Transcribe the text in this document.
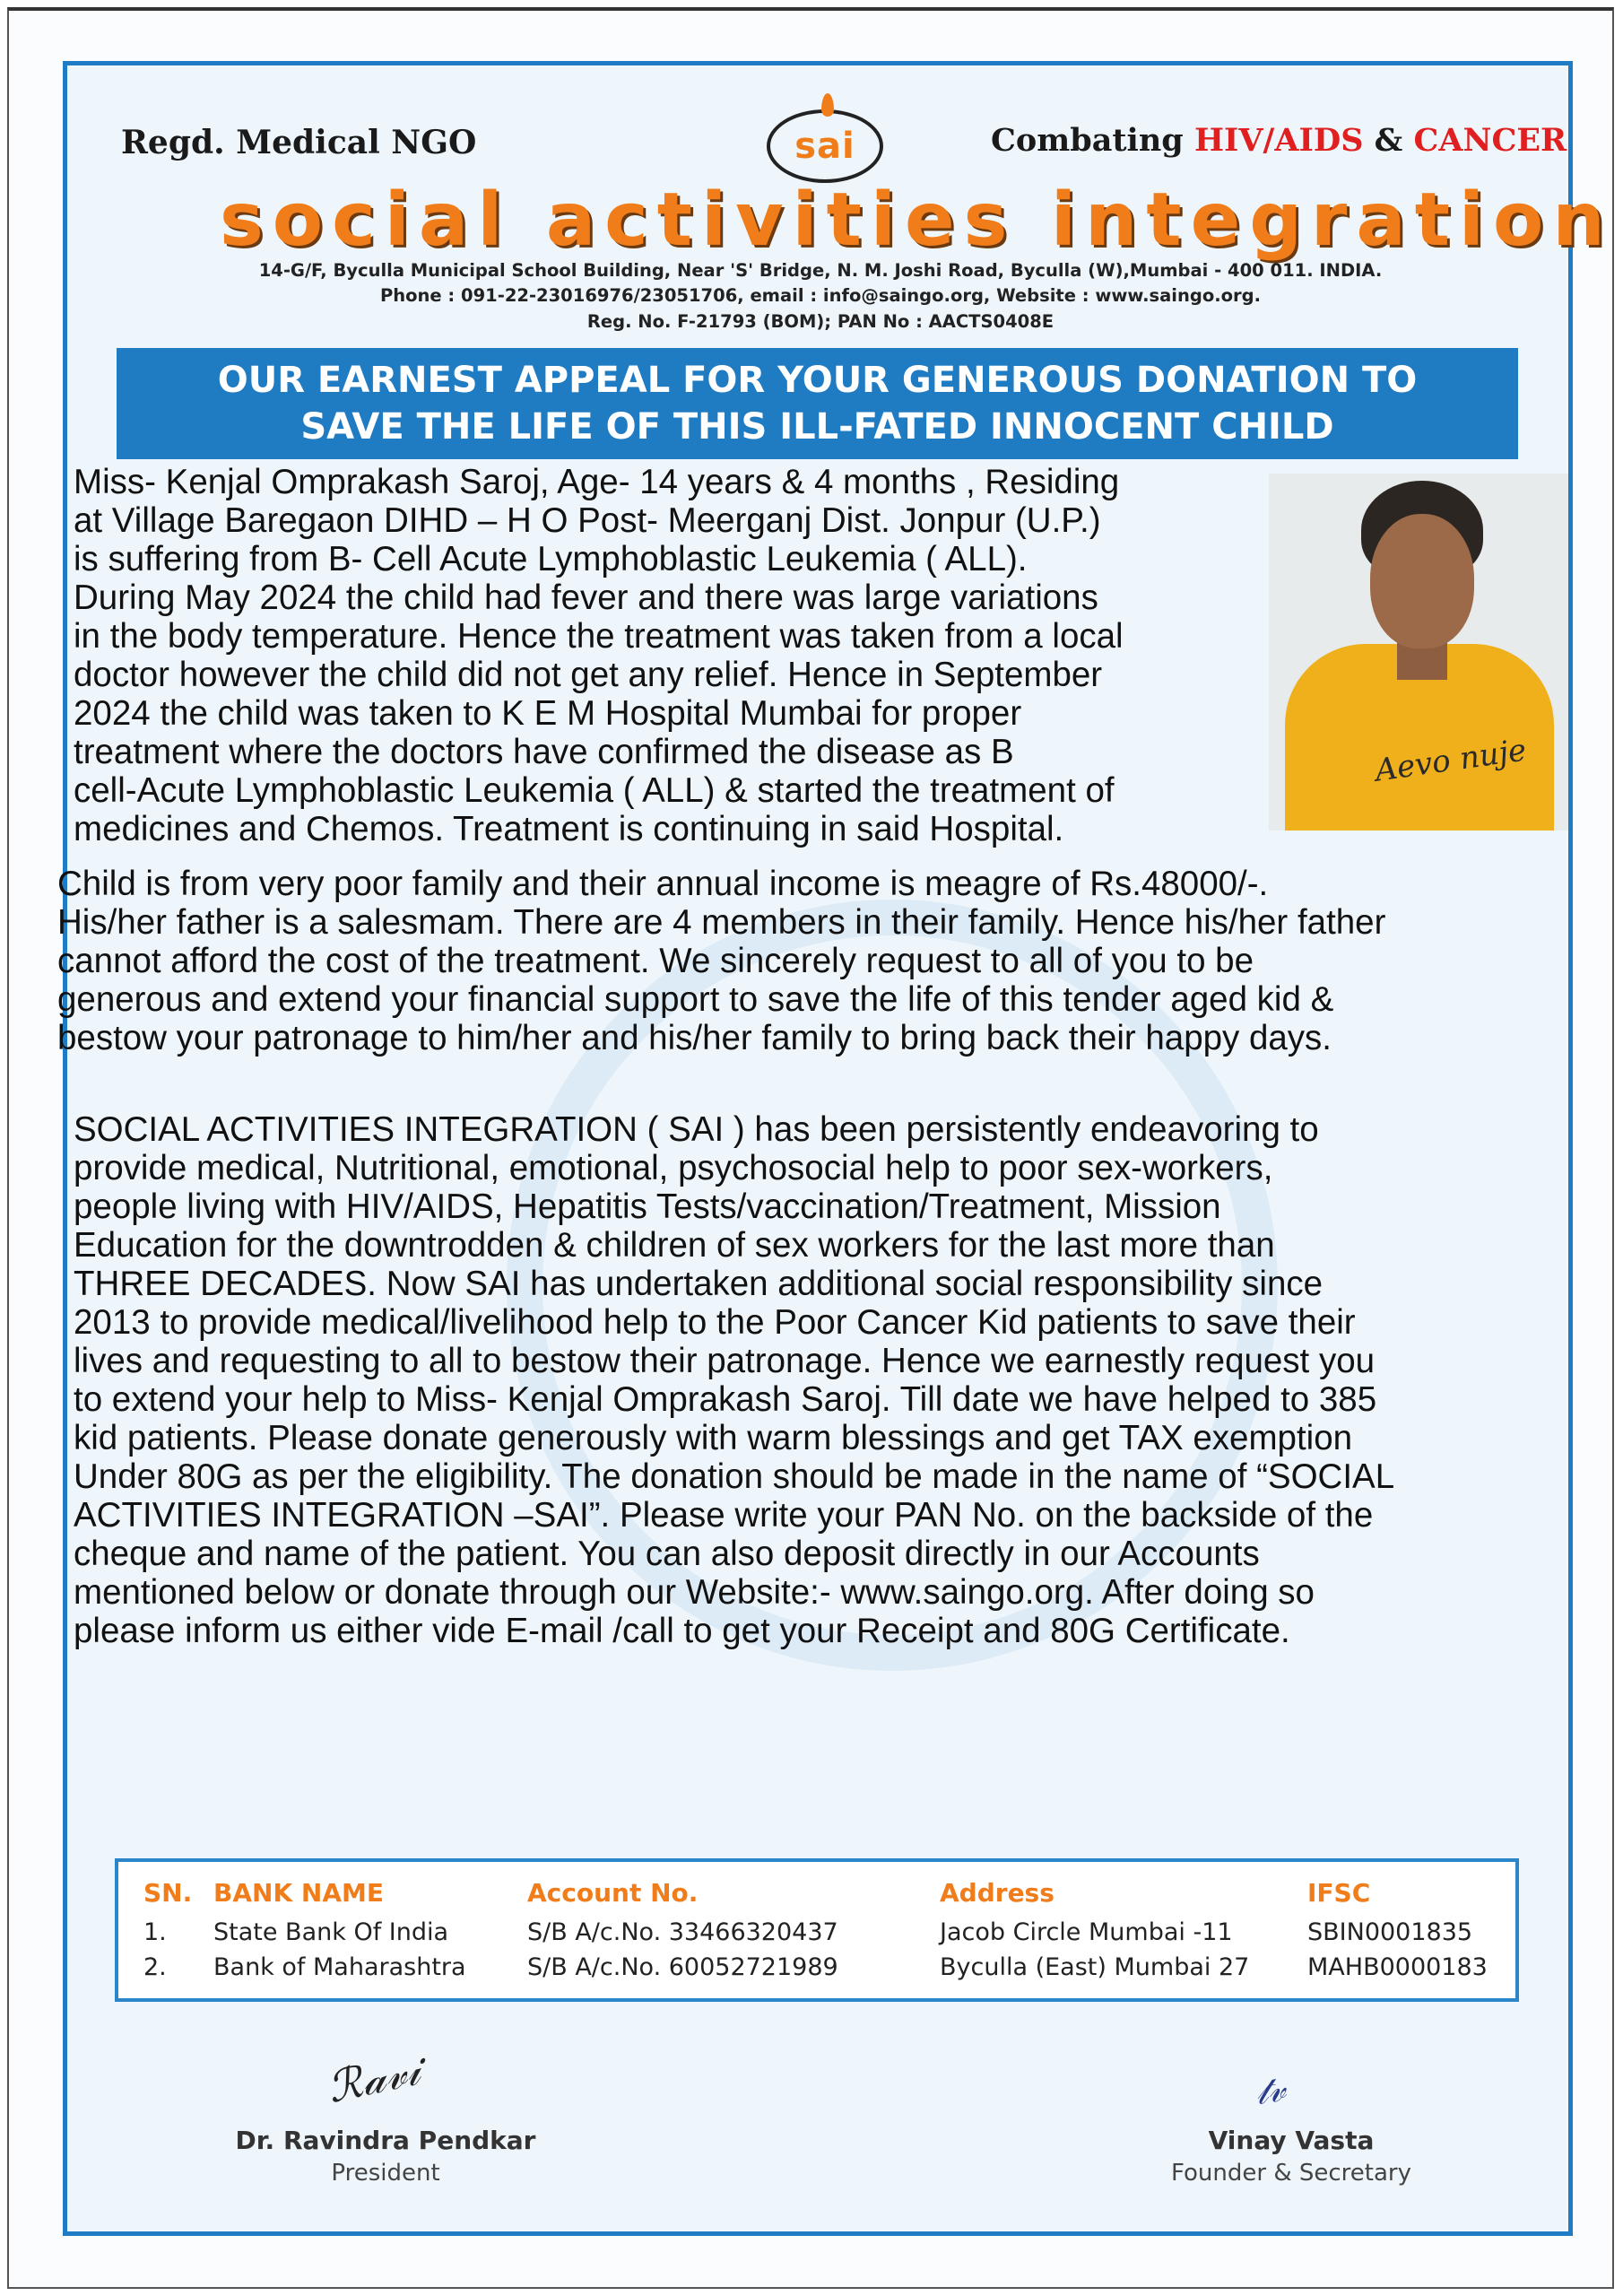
Regd. Medical NGO	sai	Combating HIV/AIDS & CANCER
social activities integration
14-G/F, Byculla Municipal School Building, Near 'S' Bridge, N. M. Joshi Road, Byculla (W),Mumbai - 400 011. INDIA.
Phone : 091-22-23016976/23051706, email : info@saingo.org, Website : www.saingo.org.
Reg. No. F-21793 (BOM); PAN No : AACTS0408E
OUR EARNEST APPEAL FOR YOUR GENEROUS DONATION TO
SAVE THE LIFE OF THIS ILL-FATED INNOCENT CHILD
Miss- Kenjal Omprakash Saroj, Age- 14 years & 4 months , Residing
at Village Baregaon DIHD – H O Post- Meerganj Dist. Jonpur (U.P.)
is suffering from B- Cell Acute Lymphoblastic Leukemia ( ALL).
During May 2024 the child had fever and there was large variations
in the body temperature. Hence the treatment was taken from a local
doctor however the child did not get any relief. Hence in September
2024 the child was taken to K E M Hospital Mumbai for proper
treatment where the doctors have confirmed the disease as B
cell-Acute Lymphoblastic Leukemia ( ALL) & started the treatment of
medicines and Chemos. Treatment is continuing in said Hospital.
Aevo nuje
Child is from very poor family and their annual income is meagre of Rs.48000/-.
His/her father is a salesmam. There are 4 members in their family. Hence his/her father
cannot afford the cost of the treatment. We sincerely request to all of you to be
generous and extend your financial support to save the life of this tender aged kid &
bestow your patronage to him/her and his/her family to bring back their happy days.
SOCIAL ACTIVITIES INTEGRATION ( SAI ) has been persistently endeavoring to
provide medical, Nutritional, emotional, psychosocial help to poor sex-workers,
people living with HIV/AIDS, Hepatitis Tests/vaccination/Treatment, Mission
Education for the downtrodden & children of sex workers for the last more than
THREE DECADES. Now SAI has undertaken additional social responsibility since
2013 to provide medical/livelihood help to the Poor Cancer Kid patients to save their
lives and requesting to all to bestow their patronage. Hence we earnestly request you
to extend your help to Miss- Kenjal Omprakash Saroj. Till date we have helped to 385
kid patients. Please donate generously with warm blessings and get TAX exemption
Under 80G as per the eligibility. The donation should be made in the name of “SOCIAL
ACTIVITIES INTEGRATION –SAI”. Please write your PAN No. on the backside of the
cheque and name of the patient. You can also deposit directly in our Accounts
mentioned below or donate through our Website:- www.saingo.org. After doing so
please inform us either vide E-mail /call to get your Receipt and 80G Certificate.
SN.	BANK NAME	Account No.	Address	IFSC
1.	State Bank Of India	S/B A/c.No. 33466320437	Jacob Circle Mumbai -11	SBIN0001835
2.	Bank of Maharashtra	S/B A/c.No. 60052721989	Byculla (East) Mumbai 27	MAHB0000183
ℛ𝒶𝓋𝒾
Dr. Ravindra Pendkar
President
𝓉𝓋
Vinay Vasta
Founder & Secretary
